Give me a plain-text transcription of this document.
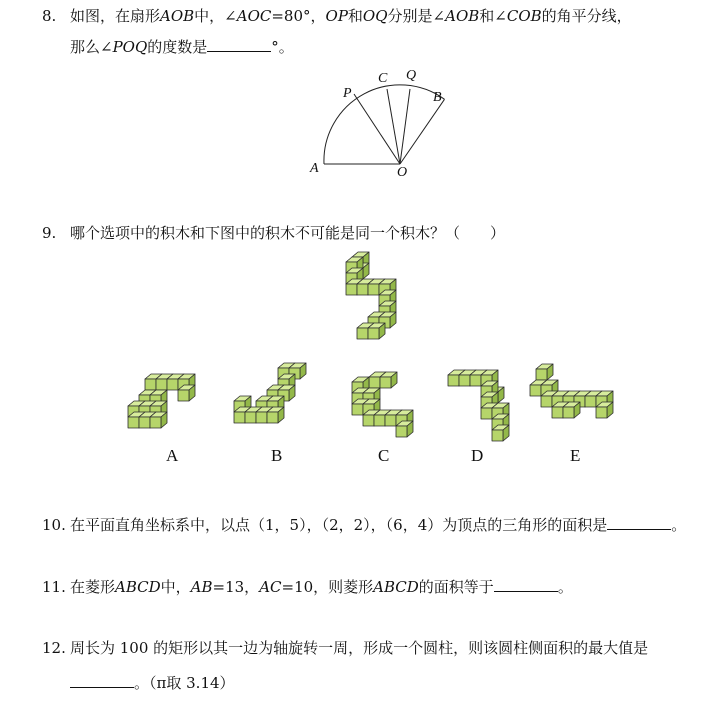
8. 如图，在扇形AOB中，∠AOC=80°，OP和OQ分别是∠AOB和∠COB的角平分线，
那么∠POQ的度数是	°。
P
C Q
B
A	O
9. 哪个选项中的积木和下图中的积木不可能是同一个积木？（　　）
A	B	C	D	E
10. 在平面直角坐标系中，以点（1，5），（2，2），（6，4）为顶点的三角形的面积是	。
11. 在菱形ABCD中，AB=13，AC=10，则菱形ABCD的面积等于	。
12. 周长为 100 的矩形以其一边为轴旋转一周，形成一个圆柱，则该圆柱侧面积的最大值是
。（π取 3.14）
